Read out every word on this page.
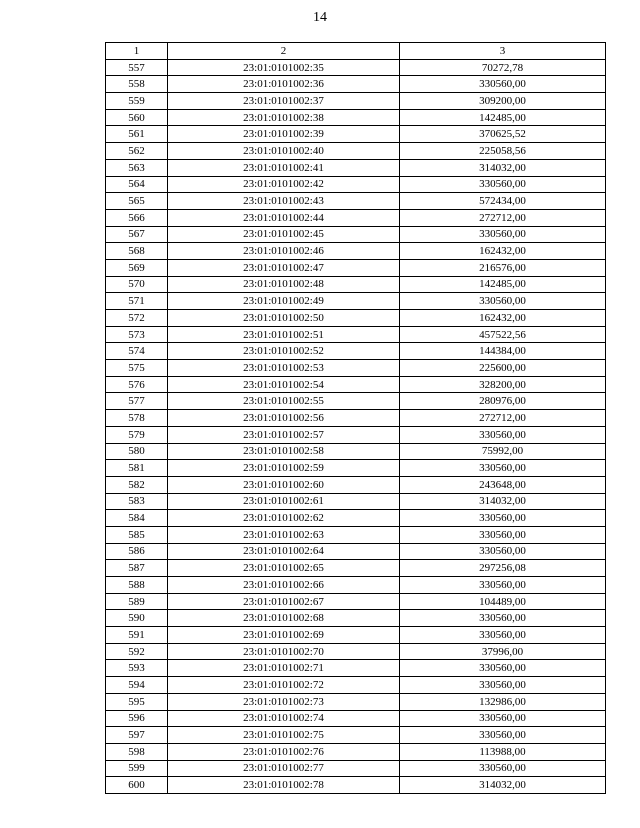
14
1	2	3
557	23:01:0101002:35	70272,78
558	23:01:0101002:36	330560,00
559	23:01:0101002:37	309200,00
560	23:01:0101002:38	142485,00
561	23:01:0101002:39	370625,52
562	23:01:0101002:40	225058,56
563	23:01:0101002:41	314032,00
564	23:01:0101002:42	330560,00
565	23:01:0101002:43	572434,00
566	23:01:0101002:44	272712,00
567	23:01:0101002:45	330560,00
568	23:01:0101002:46	162432,00
569	23:01:0101002:47	216576,00
570	23:01:0101002:48	142485,00
571	23:01:0101002:49	330560,00
572	23:01:0101002:50	162432,00
573	23:01:0101002:51	457522,56
574	23:01:0101002:52	144384,00
575	23:01:0101002:53	225600,00
576	23:01:0101002:54	328200,00
577	23:01:0101002:55	280976,00
578	23:01:0101002:56	272712,00
579	23:01:0101002:57	330560,00
580	23:01:0101002:58	75992,00
581	23:01:0101002:59	330560,00
582	23:01:0101002:60	243648,00
583	23:01:0101002:61	314032,00
584	23:01:0101002:62	330560,00
585	23:01:0101002:63	330560,00
586	23:01:0101002:64	330560,00
587	23:01:0101002:65	297256,08
588	23:01:0101002:66	330560,00
589	23:01:0101002:67	104489,00
590	23:01:0101002:68	330560,00
591	23:01:0101002:69	330560,00
592	23:01:0101002:70	37996,00
593	23:01:0101002:71	330560,00
594	23:01:0101002:72	330560,00
595	23:01:0101002:73	132986,00
596	23:01:0101002:74	330560,00
597	23:01:0101002:75	330560,00
598	23:01:0101002:76	113988,00
599	23:01:0101002:77	330560,00
600	23:01:0101002:78	314032,00
